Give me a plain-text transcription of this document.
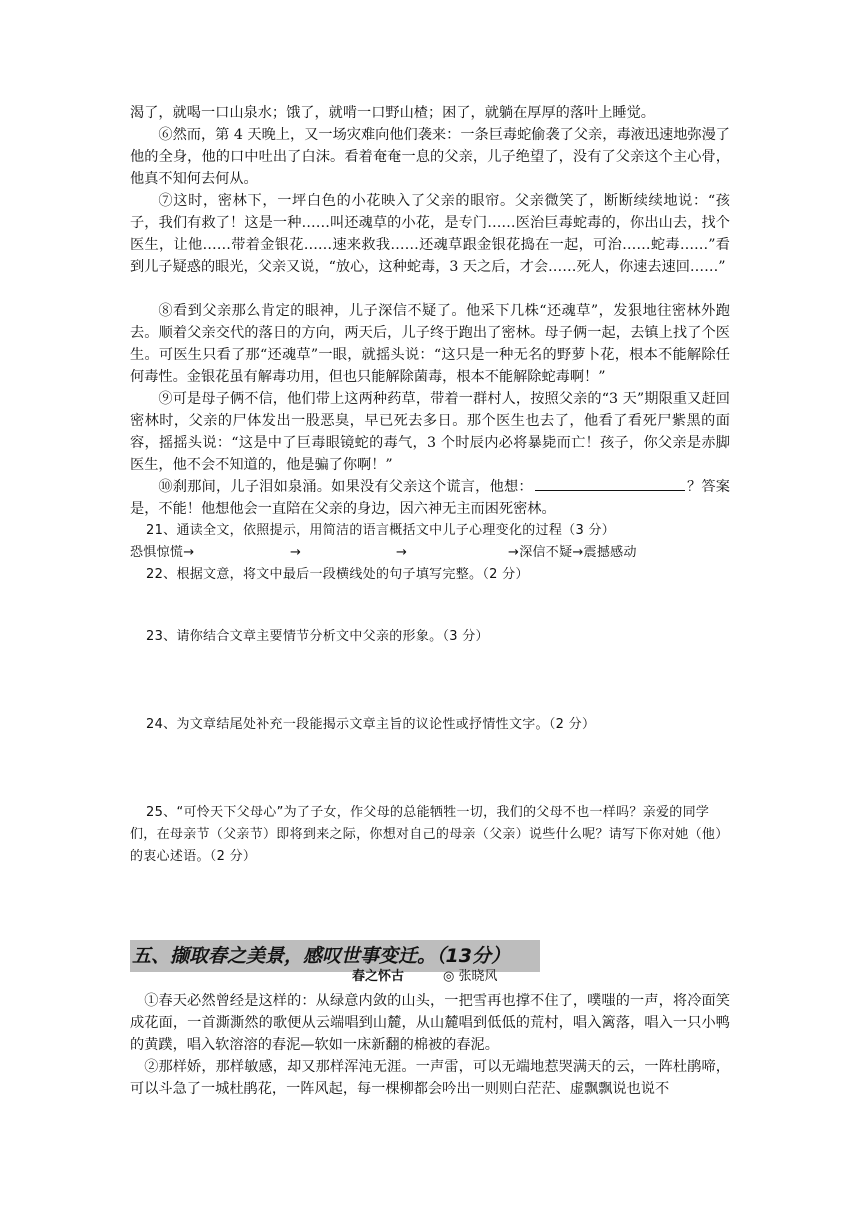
渴了，就喝一口山泉水；饿了，就啃一口野山楂；困了，就躺在厚厚的落叶上睡觉。

⑥然而，第 4 天晚上，又一场灾难向他们袭来：一条巨毒蛇偷袭了父亲，毒液迅速地弥漫了他的全身，他的口中吐出了白沫。看着奄奄一息的父亲，儿子绝望了，没有了父亲这个主心骨，他真不知何去何从。

⑦这时，密林下，一坪白色的小花映入了父亲的眼帘。父亲微笑了，断断续续地说：“孩子，我们有救了！这是一种……叫还魂草的小花，是专门……医治巨毒蛇毒的，你出山去，找个医生，让他……带着金银花……速来救我……还魂草跟金银花捣在一起，可治……蛇毒……”看到儿子疑惑的眼光，父亲又说，“放心，这种蛇毒，3 天之后，才会……死人，你速去速回……”

⑧看到父亲那么肯定的眼神，儿子深信不疑了。他采下几株“还魂草”，发狠地往密林外跑去。顺着父亲交代的落日的方向，两天后，儿子终于跑出了密林。母子俩一起，去镇上找了个医生。可医生只看了那“还魂草”一眼，就摇头说：“这只是一种无名的野萝卜花，根本不能解除任何毒性。金银花虽有解毒功用，但也只能解除菌毒，根本不能解除蛇毒啊！”

⑨可是母子俩不信，他们带上这两种药草，带着一群村人，按照父亲的“3 天”期限重又赶回密林时，父亲的尸体发出一股恶臭，早已死去多日。那个医生也去了，他看了看死尸紫黑的面容，摇摇头说：“这是中了巨毒眼镜蛇的毒气，3 个时辰内必将暴毙而亡！孩子，你父亲是赤脚医生，他不会不知道的，他是骗了你啊！”

⑩刹那间，儿子泪如泉涌。如果没有父亲这个谎言，他想：	？答案是，不能！他想他会一直陪在父亲的身边，因六神无主而困死密林。

21、通读全文，依照提示，用简洁的语言概括文中儿子心理变化的过程（3 分）

恐惧惊慌→	→	→	→深信不疑→震撼感动

22、根据文意，将文中最后一段横线处的句子填写完整。（2 分）

23、请你结合文章主要情节分析文中父亲的形象。（3 分）

24、为文章结尾处补充一段能揭示文章主旨的议论性或抒情性文字。（2 分）

25、“可怜天下父母心”为了子女，作父母的总能牺牲一切，我们的父母不也一样吗？亲爱的同学们，在母亲节（父亲节）即将到来之际，你想对自己的母亲（父亲）说些什么呢？请写下你对她（他）的衷心述语。（2 分）

五、撷取春之美景，感叹世事变迁。（13分）

春之怀古	◎ 张晓风

①春天必然曾经是这样的：从绿意内敛的山头，一把雪再也撑不住了，噗嗤的一声，将冷面笑成花面，一首澌澌然的歌便从云端唱到山麓，从山麓唱到低低的荒村，唱入篱落，唱入一只小鸭的黄蹼，唱入软溶溶的春泥—软如一床新翻的棉被的春泥。

②那样娇，那样敏感，却又那样浑沌无涯。一声雷，可以无端地惹哭满天的云，一阵杜鹃啼，可以斗急了一城杜鹃花，一阵风起，每一棵柳都会吟出一则则白茫茫、虚飘飘说也说不
